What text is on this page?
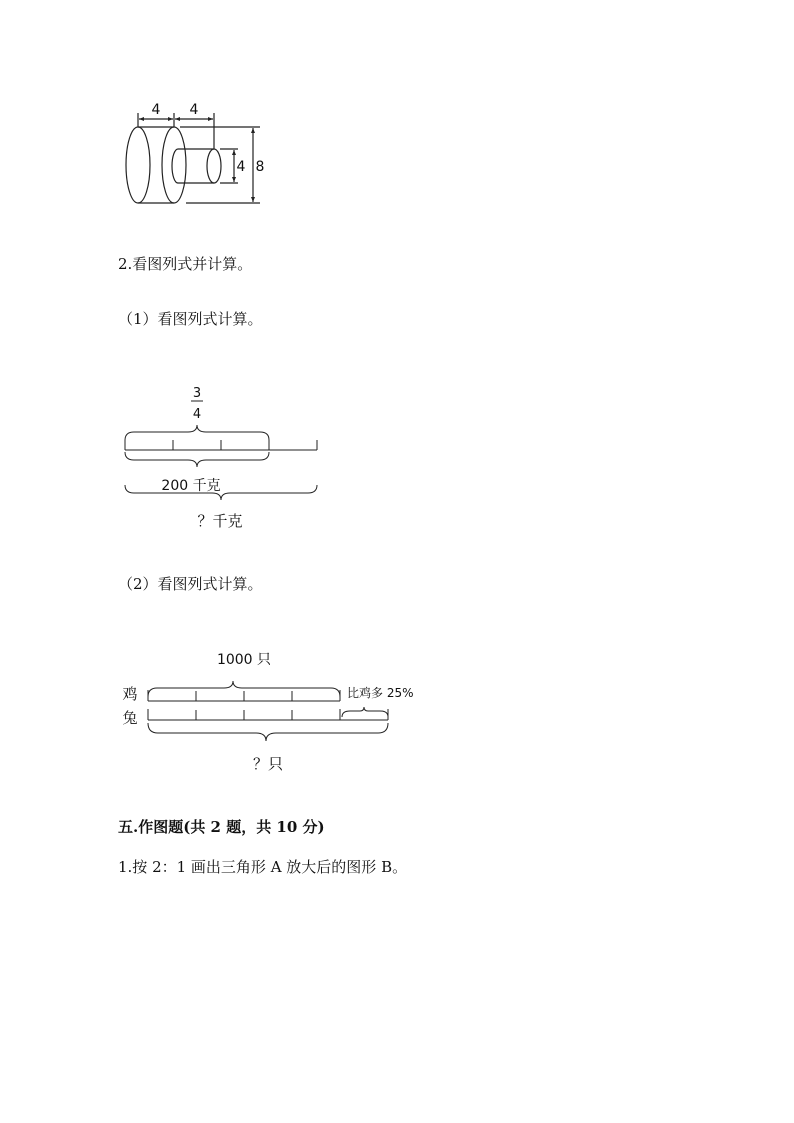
4 4
4 8
2.看图列式并计算。
（1）看图列式计算。
3
4
200 千克
？千克
（2）看图列式计算。
1000 只
鸡
兔
比鸡多 25%
？只
五.作图题(共 2 题，共 10 分)
1.按 2：1 画出三角形 A 放大后的图形 B。
